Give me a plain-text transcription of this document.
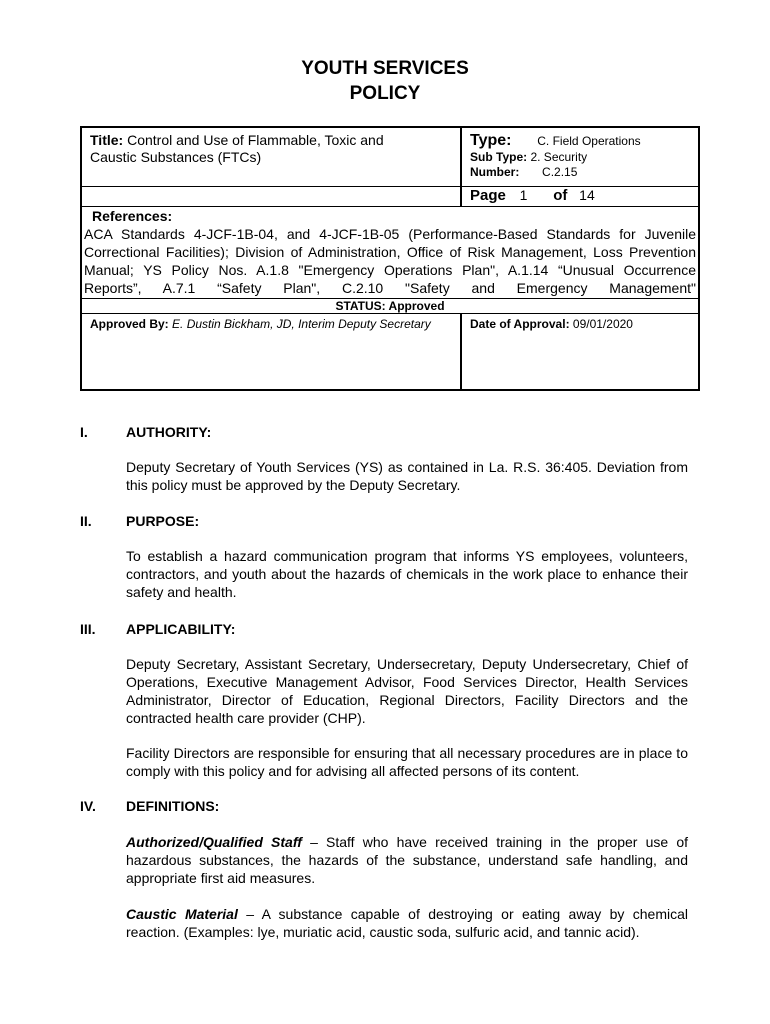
YOUTH SERVICES
POLICY
Title: Control and Use of Flammable, Toxic and Caustic Substances (FTCs)
Type: C. Field Operations
Sub Type: 2. Security
Number: C.2.15
Page 1 of 14
References:
ACA Standards 4-JCF-1B-04, and 4-JCF-1B-05 (Performance-Based Standards for Juvenile Correctional Facilities); Division of Administration, Office of Risk Management, Loss Prevention Manual; YS Policy Nos. A.1.8 "Emergency Operations Plan", A.1.14 “Unusual Occurrence Reports”, A.7.1 “Safety Plan", C.2.10 "Safety and Emergency Management"
STATUS: Approved
Approved By: E. Dustin Bickham, JD, Interim Deputy Secretary	Date of Approval: 09/01/2020
I.	AUTHORITY:
Deputy Secretary of Youth Services (YS) as contained in La. R.S. 36:405. Deviation from this policy must be approved by the Deputy Secretary.
II. PURPOSE:
To establish a hazard communication program that informs YS employees, volunteers, contractors, and youth about the hazards of chemicals in the work place to enhance their safety and health.
III. APPLICABILITY:
Deputy Secretary, Assistant Secretary, Undersecretary, Deputy Undersecretary, Chief of Operations, Executive Management Advisor, Food Services Director, Health Services Administrator, Director of Education, Regional Directors, Facility Directors and the contracted health care provider (CHP).
Facility Directors are responsible for ensuring that all necessary procedures are in place to comply with this policy and for advising all affected persons of its content.
IV. DEFINITIONS:
Authorized/Qualified Staff – Staff who have received training in the proper use of hazardous substances, the hazards of the substance, understand safe handling, and appropriate first aid measures.
Caustic Material – A substance capable of destroying or eating away by chemical reaction. (Examples: lye, muriatic acid, caustic soda, sulfuric acid, and tannic acid).
